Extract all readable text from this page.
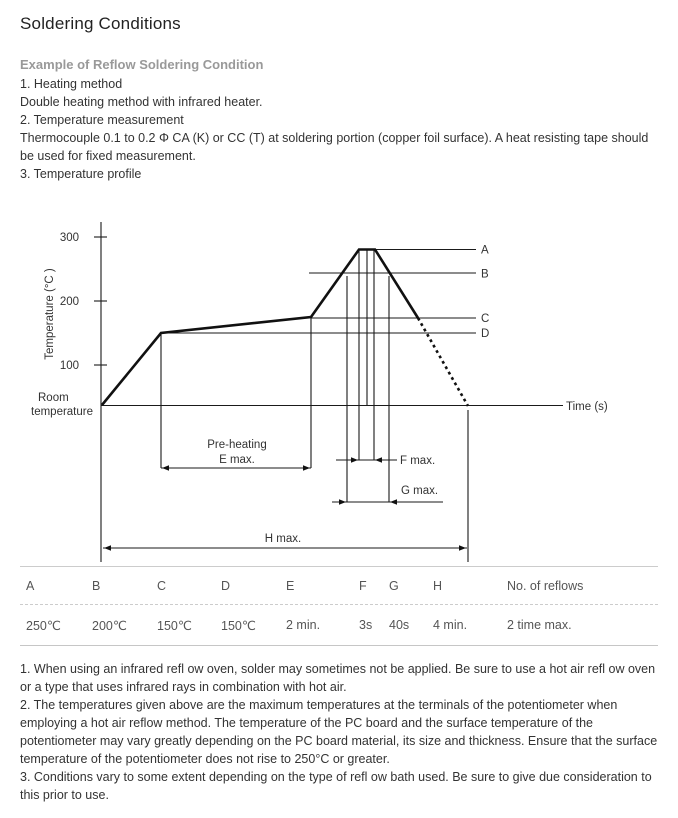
Soldering Conditions
Example of Reflow Soldering Condition
1. Heating method
Double heating method with infrared heater.
2. Temperature measurement
Thermocouple 0.1 to 0.2 Φ CA (K) or CC (T) at soldering portion (copper foil surface). A heat resisting tape should be used for fixed measurement.
3. Temperature profile
300
200
100
Temperature (°C )
Room
temperature	Time (s)
A
B
C
D
Pre-heating
E max.	F max.
G max.
H max.
A	B	C	D	E	F	G	H	No. of reflows
250℃	200℃	150℃	150℃	2 min.	3s	40s	4 min.	2 time max.
1. When using an infrared refl ow oven, solder may sometimes not be applied. Be sure to use a hot air refl ow oven or a type that uses infrared rays in combination with hot air.
2. The temperatures given above are the maximum temperatures at the terminals of the potentiometer when employing a hot air reflow method. The temperature of the PC board and the surface temperature of the potentiometer may vary greatly depending on the PC board material, its size and thickness. Ensure that the surface temperature of the potentiometer does not rise to 250°C or greater.
3. Conditions vary to some extent depending on the type of refl ow bath used. Be sure to give due consideration to this prior to use.
